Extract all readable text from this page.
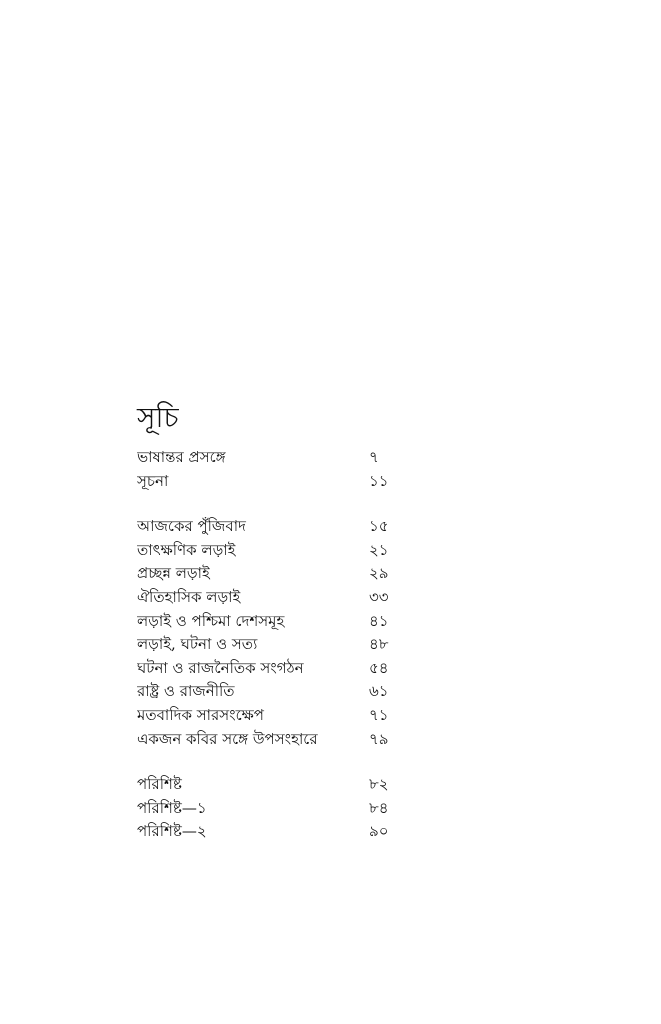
সূচি
ভাষান্তর প্রসঙ্গে	৭
সূচনা	১১
আজকের পুঁজিবাদ	১৫
তাৎক্ষণিক লড়াই	২১
প্রচ্ছন্ন লড়াই	২৯
ঐতিহাসিক লড়াই	৩৩
লড়াই ও পশ্চিমা দেশসমূহ	৪১
লড়াই, ঘটনা ও সত্য	৪৮
ঘটনা ও রাজনৈতিক সংগঠন	৫৪
রাষ্ট্র ও রাজনীতি	৬১
মতবাদিক সারসংক্ষেপ	৭১
একজন কবির সঙ্গে উপসংহারে	৭৯
পরিশিষ্ট	৮২
পরিশিষ্ট—১	৮৪
পরিশিষ্ট—২	৯০
